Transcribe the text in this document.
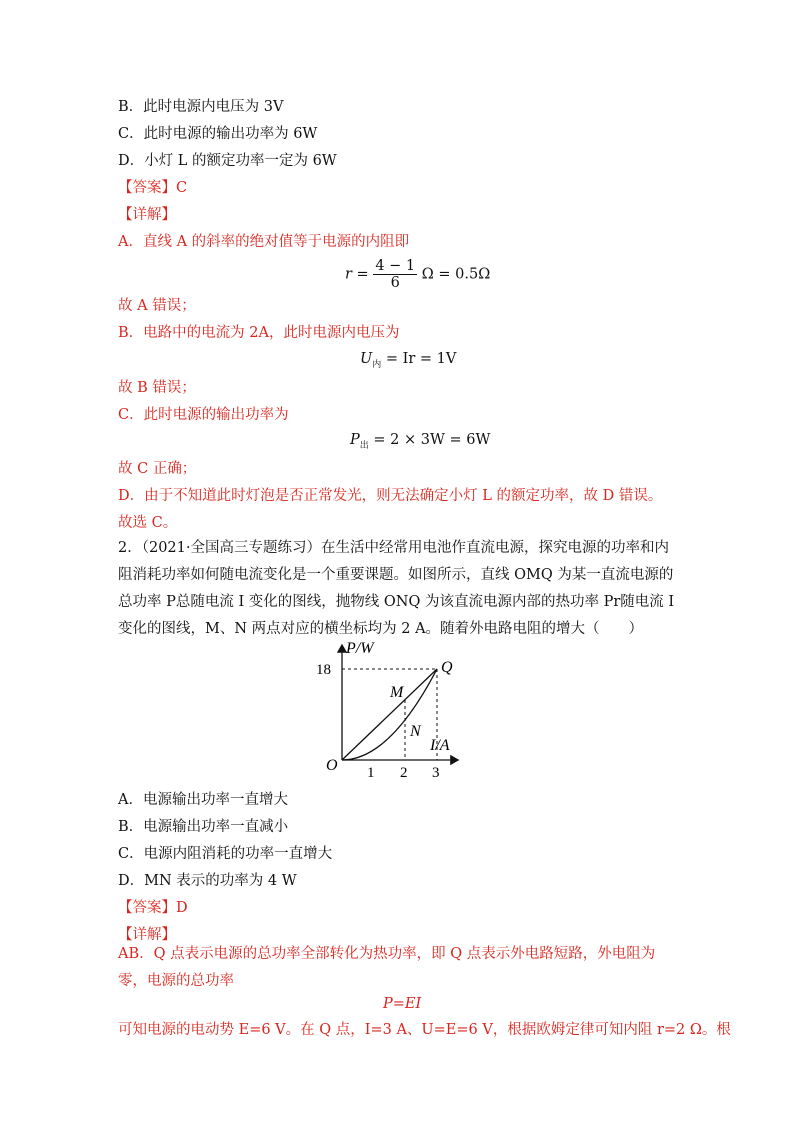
B．此时电源内电压为 3V
C．此时电源的输出功率为 6W
D．小灯 L 的额定功率一定为 6W
【答案】C
【详解】
A．直线 A 的斜率的绝对值等于电源的内阻即
$r = \frac{4 - 1}{6}$ Ω = 0.5Ω
故 A 错误；
B．电路中的电流为 2A，此时电源内电压为
$U_内 = Ir = 1V$
故 B 错误；
C．此时电源的输出功率为
$P_出 = 2 \times 3W = 6W$
故 C 正确；
D．由于不知道此时灯泡是否正常发光，则无法确定小灯 L 的额定功率，故 D 错误。
故选 C。
2．（2021·全国高三专题练习）在生活中经常用电池作直流电源，探究电源的功率和内阻消耗功率如何随电流变化是一个重要课题。如图所示，直线 OMQ 为某一直流电源的总功率 P总随电流 I 变化的图线，抛物线 ONQ 为该直流电源内部的热功率 Pr随电流 I 变化的图线，M、N 两点对应的横坐标均为 2 A。随着外电路电阻的增大（　　）
P/W
I/A
18
1 2 3
O
M
N
Q
A．电源输出功率一直增大
B．电源输出功率一直减小
C．电源内阻消耗的功率一直增大
D．MN 表示的功率为 4 W
【答案】D
【详解】
AB．Q 点表示电源的总功率全部转化为热功率，即 Q 点表示外电路短路，外电阻为零，电源的总功率
P=EI
可知电源的电动势 E=6 V。在 Q 点，I=3 A、U=E=6 V，根据欧姆定律可知内阻 r=2 Ω。根
